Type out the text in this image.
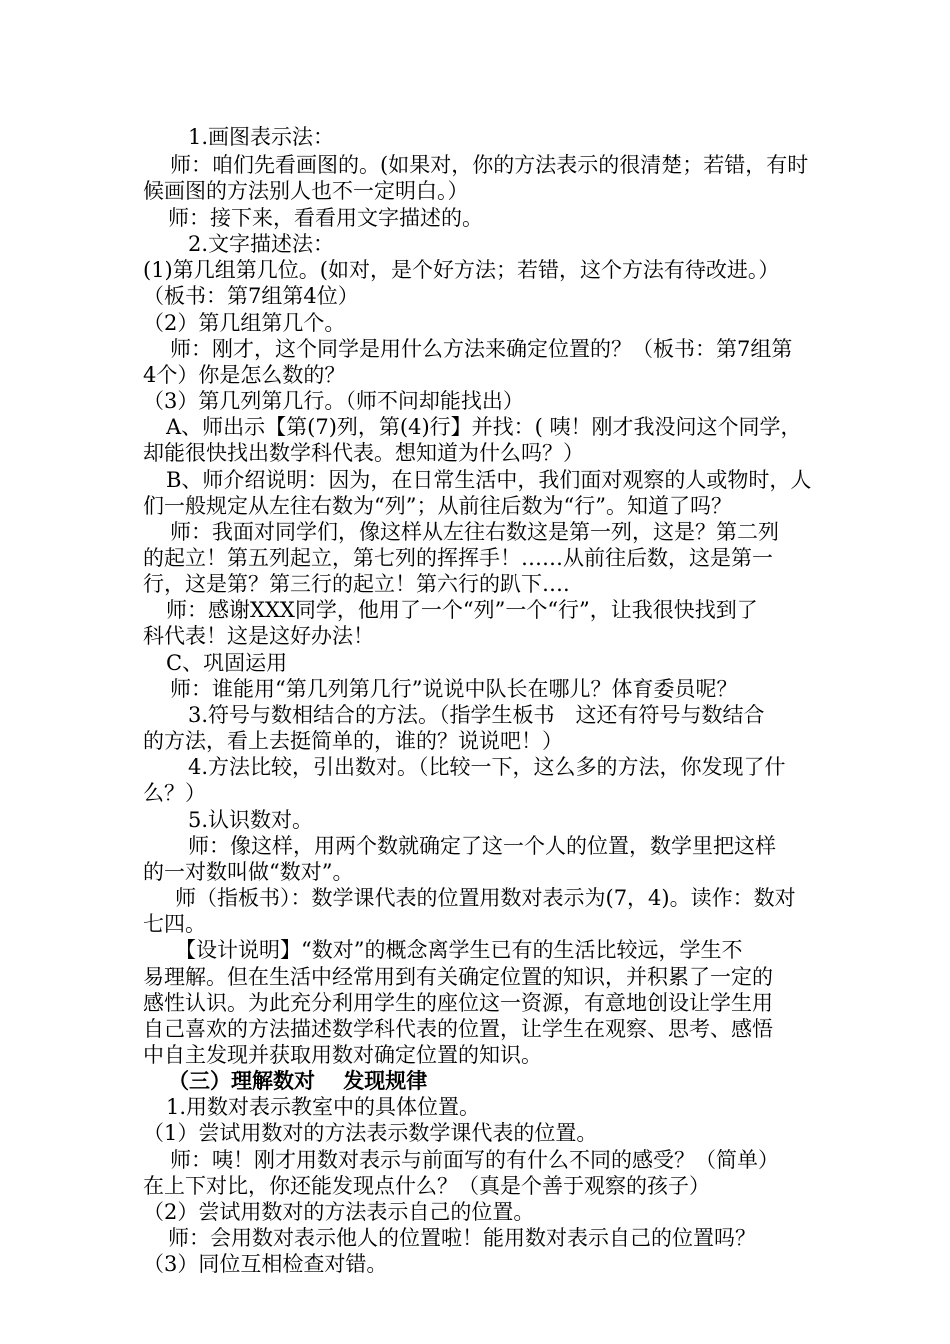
1.画图表示法：
师：咱们先看画图的。(如果对，你的方法表示的很清楚；若错，有时
候画图的方法别人也不一定明白。）
师：接下来，看看用文字描述的。
2.文字描述法：
(1)第几组第几位。(如对，是个好方法；若错，这个方法有待改进。）
（板书：第7组第4位）
（2）第几组第几个。
师：刚才，这个同学是用什么方法来确定位置的？（板书：第7组第
4个）你是怎么数的？
（3）第几列第几行。（师不问却能找出）
A、师出示【第(7)列，第(4)行】并找：( 咦！刚才我没问这个同学，
却能很快找出数学科代表。想知道为什么吗？）
B、师介绍说明：因为，在日常生活中，我们面对观察的人或物时，人
们一般规定从左往右数为“列”；从前往后数为“行”。知道了吗？
师：我面对同学们，像这样从左往右数这是第一列，这是？第二列
的起立！第五列起立，第七列的挥挥手！……从前往后数，这是第一
行，这是第？第三行的起立！第六行的趴下….
师：感谢XXX同学，他用了一个“列”一个“行”，让我很快找到了
科代表！这是这好办法！
C、巩固运用
师：谁能用“第几列第几行”说说中队长在哪儿？体育委员呢？
3.符号与数相结合的方法。（指学生板书　这还有符号与数结合
的方法，看上去挺简单的，谁的？说说吧！）
4.方法比较，引出数对。（比较一下，这么多的方法，你发现了什
么？）
5.认识数对。
师：像这样，用两个数就确定了这一个人的位置，数学里把这样
的一对数叫做“数对”。
师（指板书）：数学课代表的位置用数对表示为(7，4)。读作：数对
七四。
【设计说明】“数对”的概念离学生已有的生活比较远，学生不
易理解。但在生活中经常用到有关确定位置的知识，并积累了一定的
感性认识。为此充分利用学生的座位这一资源，有意地创设让学生用
自己喜欢的方法描述数学科代表的位置，让学生在观察、思考、感悟
中自主发现并获取用数对确定位置的知识。
（三）理解数对　 发现规律
1.用数对表示教室中的具体位置。
（1）尝试用数对的方法表示数学课代表的位置。
师：咦！刚才用数对表示与前面写的有什么不同的感受？（简单）
在上下对比，你还能发现点什么？（真是个善于观察的孩子）
（2）尝试用数对的方法表示自己的位置。
师：会用数对表示他人的位置啦！能用数对表示自己的位置吗？
（3）同位互相检查对错。
